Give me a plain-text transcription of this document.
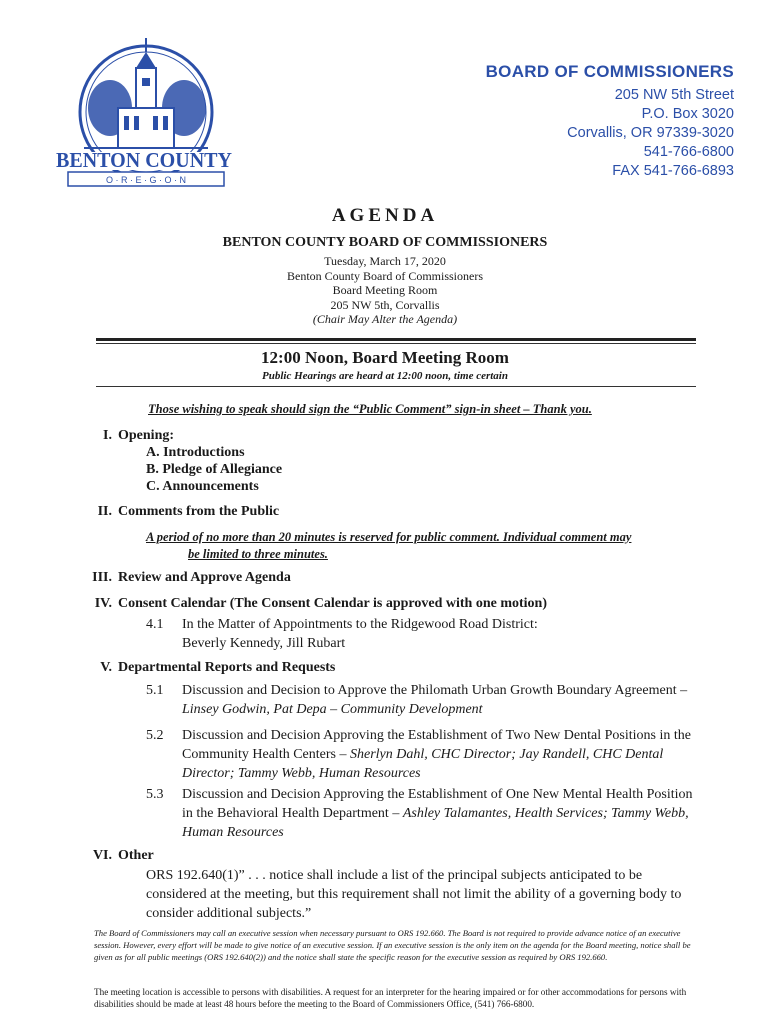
BENTON COUNTY
O · R · E · G · O · N
BOARD OF COMMISSIONERS
205 NW 5th Street
P.O. Box 3020
Corvallis, OR 97339-3020
541-766-6800
FAX 541-766-6893
AGENDA
BENTON COUNTY BOARD OF COMMISSIONERS
Tuesday, March 17, 2020
Benton County Board of Commissioners
Board Meeting Room
205 NW 5th, Corvallis
(Chair May Alter the Agenda)
12:00 Noon, Board Meeting Room
Public Hearings are heard at 12:00 noon, time certain
Those wishing to speak should sign the “Public Comment” sign-in sheet – Thank you.
I. Opening:
A. Introductions
B. Pledge of Allegiance
C. Announcements
II. Comments from the Public
A period of no more than 20 minutes is reserved for public comment. Individual comment may
be limited to three minutes.
III. Review and Approve Agenda
IV. Consent Calendar (The Consent Calendar is approved with one motion)
4.1 In the Matter of Appointments to the Ridgewood Road District:
Beverly Kennedy, Jill Rubart
V. Departmental Reports and Requests
5.1 Discussion and Decision to Approve the Philomath Urban Growth Boundary Agreement – Linsey Godwin, Pat Depa – Community Development
5.2 Discussion and Decision Approving the Establishment of Two New Dental Positions in the Community Health Centers – Sherlyn Dahl, CHC Director; Jay Randell, CHC Dental Director; Tammy Webb, Human Resources
5.3 Discussion and Decision Approving the Establishment of One New Mental Health Position in the Behavioral Health Department – Ashley Talamantes, Health Services; Tammy Webb, Human Resources
VI. Other
ORS 192.640(1)” . . . notice shall include a list of the principal subjects anticipated to be considered at the meeting, but this requirement shall not limit the ability of a governing body to consider additional subjects.”
The Board of Commissioners may call an executive session when necessary pursuant to ORS 192.660. The Board is not required to provide advance notice of an executive session. However, every effort will be made to give notice of an executive session. If an executive session is the only item on the agenda for the Board meeting, notice shall be given as for all public meetings (ORS 192.640(2)) and the notice shall state the specific reason for the executive session as required by ORS 192.660.
The meeting location is accessible to persons with disabilities. A request for an interpreter for the hearing impaired or for other accommodations for persons with disabilities should be made at least 48 hours before the meeting to the Board of Commissioners Office, (541) 766-6800.
